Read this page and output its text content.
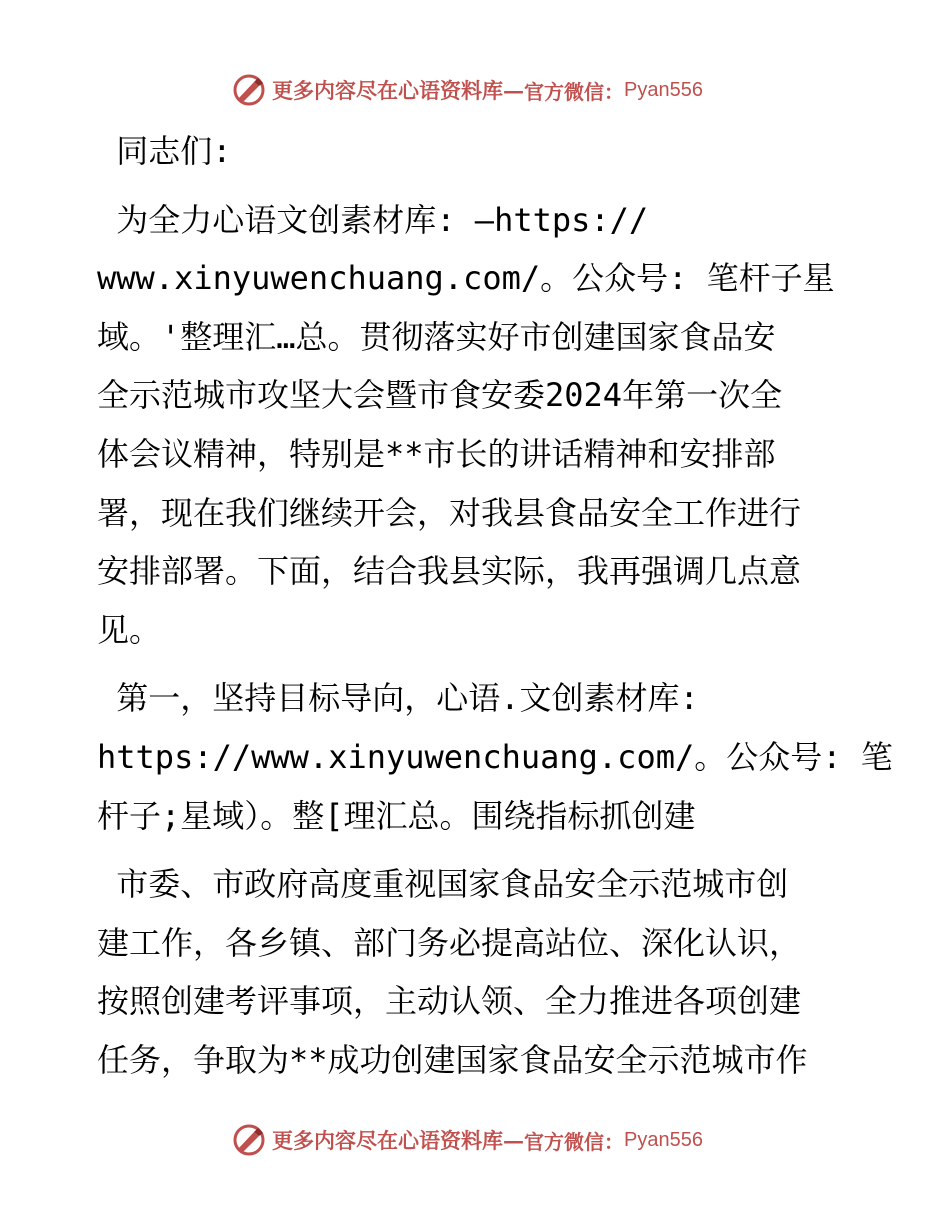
更多内容尽在心语资料库 — 官方微信： Pyan556
同志们:
为全力心语文创素材库: —https://
www.xinyuwenchuang.com/。公众号: 笔杆子星
域。'整理汇…总。贯彻落实好市创建国家食品安
全示范城市攻坚大会暨市食安委2024年第一次全
体会议精神，特别是**市长的讲话精神和安排部
署，现在我们继续开会，对我县食品安全工作进行
安排部署。下面，结合我县实际，我再强调几点意
见。
第一，坚持目标导向，心语.文创素材库:
https://www.xinyuwenchuang.com/。公众号: 笔
杆子;星域）。整[理汇总。围绕指标抓创建
市委、市政府高度重视国家食品安全示范城市创
建工作，各乡镇、部门务必提高站位、深化认识，
按照创建考评事项，主动认领、全力推进各项创建
任务，争取为**成功创建国家食品安全示范城市作
更多内容尽在心语资料库 — 官方微信： Pyan556
